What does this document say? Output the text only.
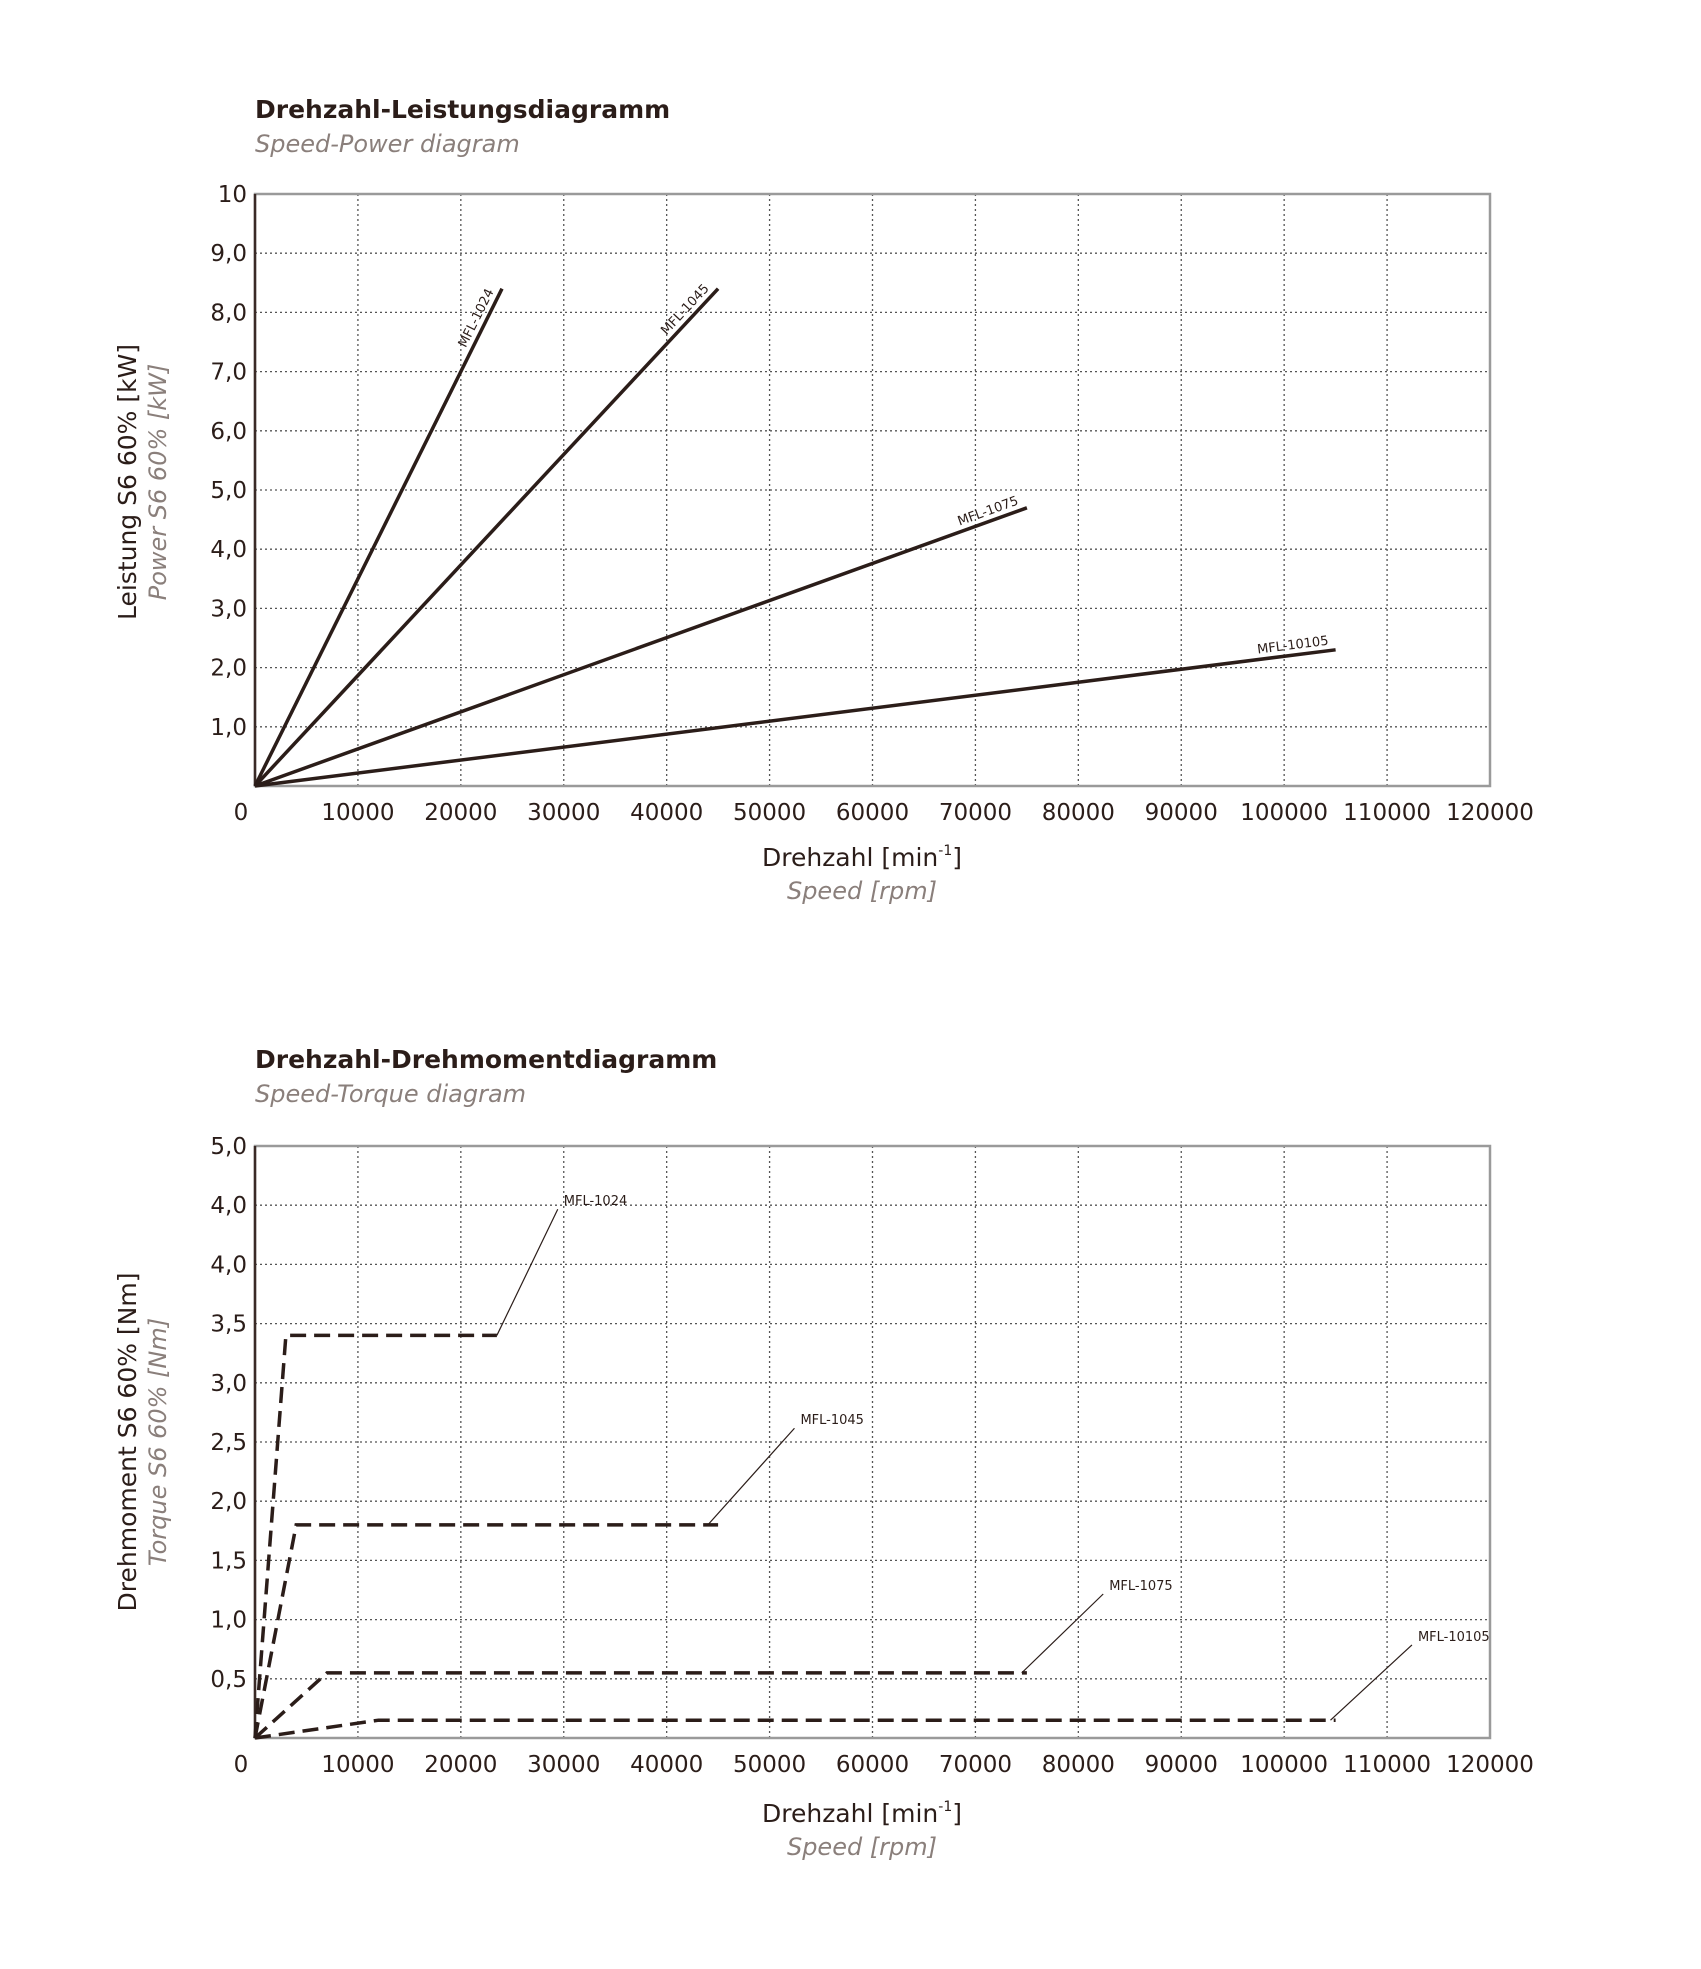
Drehzahl-Leistungsdiagramm
Speed-Power diagram
MFL-1024	MFL-1045
MFL-1075
MFL-10105
0	10000 20000 30000 40000 50000 60000 70000 80000 90000 100000 110000 120000
1,0
2,0
3,0
4,0
5,0
6,0
7,0
8,0
9,0
10
Drehzahl $[\min^{-1}]$
Speed [rpm]
Leistung S6 60% [kW] Power S6 60% [kW]
Drehzahl-Drehmomentdiagramm
Speed-Torque diagram
MFL-1024
MFL-1045
MFL-1075
MFL-10105
0	10000 20000 30000 40000 50000 60000 70000 80000 90000 100000 110000 120000
0,5
1,0
1,5
2,0
2,5
3,0
3,5
4,0
4,0
5,0
Drehzahl $[\min^{-1}]$
Speed [rpm]
Drehmoment S6 60% [Nm] Torque S6 60% [Nm]
